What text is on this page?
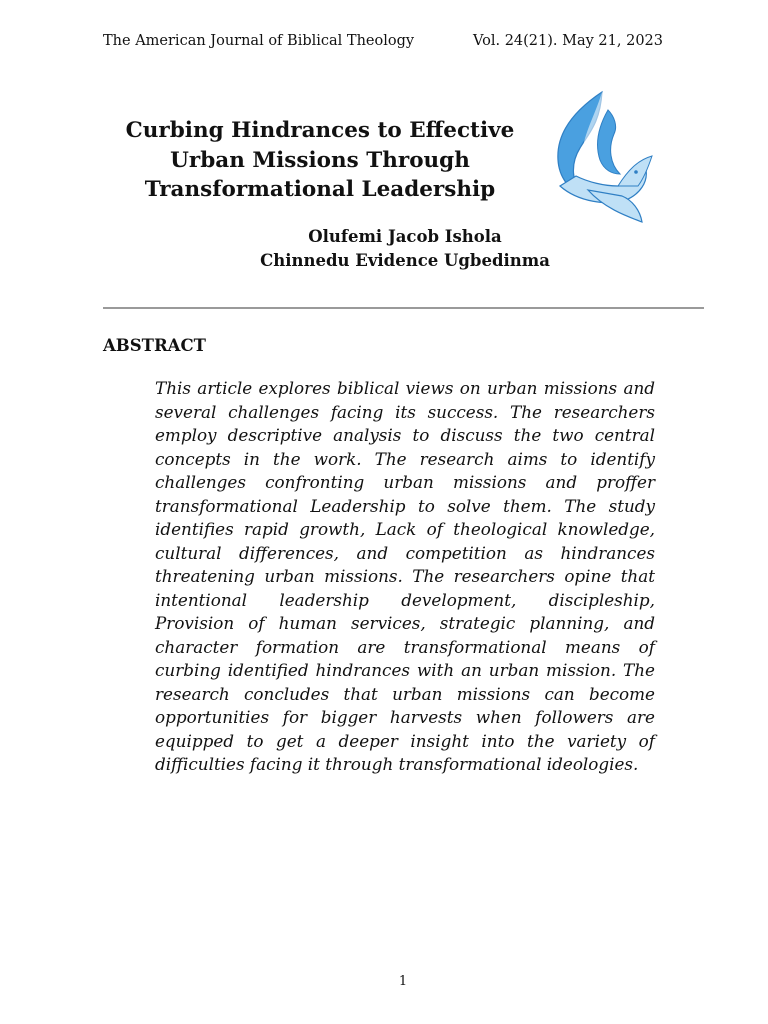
The American Journal of Biblical Theology	Vol. 24(21). May 21, 2023
Curbing Hindrances to Effective
Urban Missions Through
Transformational Leadership
Olufemi Jacob Ishola
Chinnedu Evidence Ugbedinma
ABSTRACT

This article explores biblical views on urban missions and several challenges facing its success. The researchers employ descriptive analysis to discuss the two central concepts in the work. The research aims to identify challenges confronting urban missions and proffer transformational Leadership to solve them. The study identifies rapid growth, Lack of theological knowledge, cultural differences, and competition as hindrances threatening urban missions. The researchers opine that intentional leadership development, discipleship, Provision of human services, strategic planning, and character formation are transformational means of curbing identified hindrances with an urban mission. The research concludes that urban missions can become opportunities for bigger harvests when followers are equipped to get a deeper insight into the variety of difficulties facing it through transformational ideologies.

1
